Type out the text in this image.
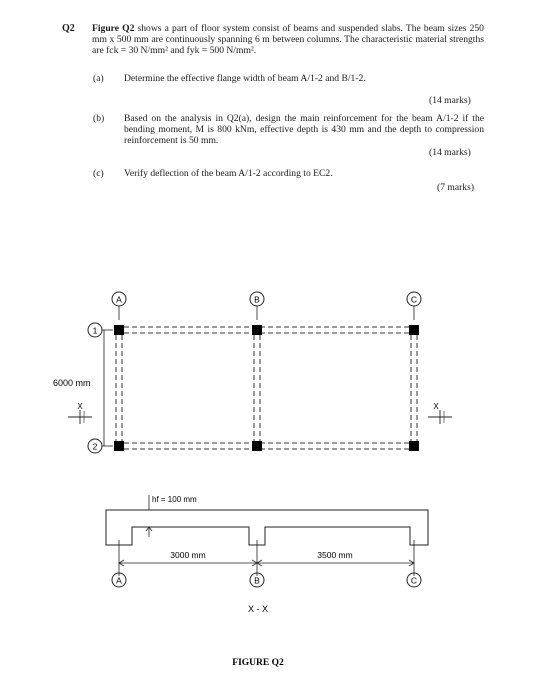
Q2 Figure Q2 shows a part of floor system consist of beams and suspended slabs. The beam sizes 250 mm x 500 mm are continuously spanning 6 m between columns. The characteristic material strengths are fck = 30 N/mm² and fyk = 500 N/mm².

(a) Determine the effective flange width of beam A/1-2 and B/1-2.
(14 marks)
(b) Based on the analysis in Q2(a), design the main reinforcement for the beam A/1-2 if the bending moment, M is 800 kNm, effective depth is 430 mm and the depth to compression reinforcement is 50 mm.
(14 marks)
(c) Verify deflection of the beam A/1-2 according to EC2.
(7 marks)
A	B	C
1
2
6000 mm
X	X
hf = 100 mm
3000 mm	3500 mm
A	B	C
X - X
FIGURE Q2
